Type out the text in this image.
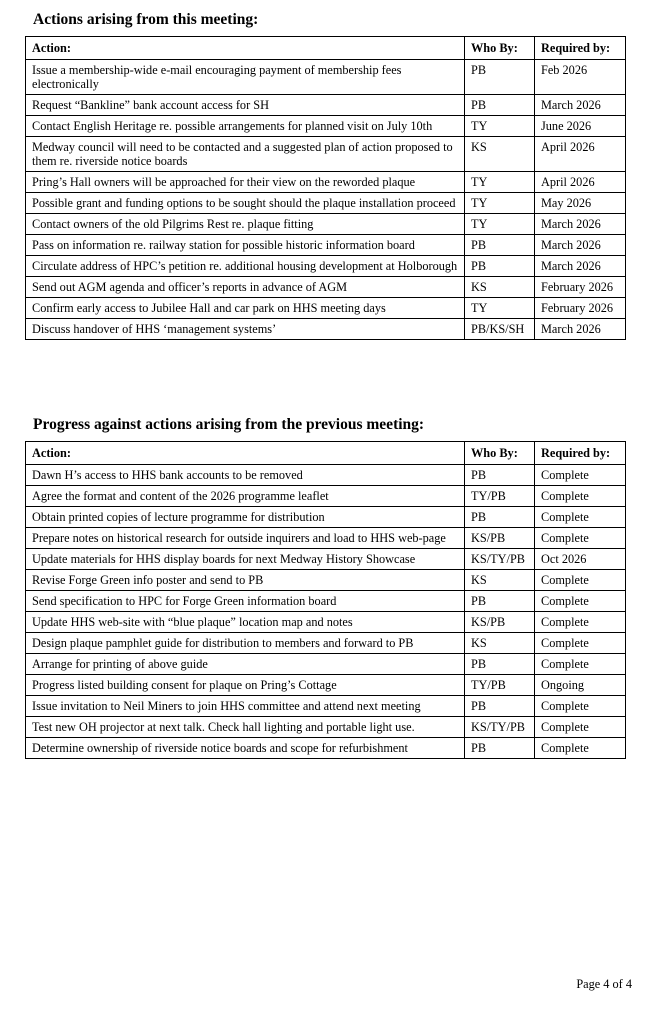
Actions arising from this meeting:
Action:	Who By:	Required by:
Issue a membership-wide e-mail encouraging payment of membership fees electronically	PB	Feb 2026
Request “Bankline” bank account access for SH	PB	March 2026
Contact English Heritage re. possible arrangements for planned visit on July 10th	TY	June 2026
Medway council will need to be contacted and a suggested plan of action proposed to them re. riverside notice boards	KS	April 2026
Pring’s Hall owners will be approached for their view on the reworded plaque	TY	April 2026
Possible grant and funding options to be sought should the plaque installation proceed	TY	May 2026
Contact owners of the old Pilgrims Rest re. plaque fitting	TY	March 2026
Pass on information re. railway station for possible historic information board	PB	March 2026
Circulate address of HPC’s petition re. additional housing development at Holborough	PB	March 2026
Send out AGM agenda and officer’s reports in advance of AGM	KS	February 2026
Confirm early access to Jubilee Hall and car park on HHS meeting days	TY	February 2026
Discuss handover of HHS ‘management systems’	PB/KS/SH	March 2026
Progress against actions arising from the previous meeting:
Action:	Who By:	Required by:
Dawn H’s access to HHS bank accounts to be removed	PB	Complete
Agree the format and content of the 2026 programme leaflet	TY/PB	Complete
Obtain printed copies of lecture programme for distribution	PB	Complete
Prepare notes on historical research for outside inquirers and load to HHS web-page	KS/PB	Complete
Update materials for HHS display boards for next Medway History Showcase	KS/TY/PB	Oct 2026
Revise Forge Green info poster and send to PB	KS	Complete
Send specification to HPC for Forge Green information board	PB	Complete
Update HHS web-site with “blue plaque” location map and notes	KS/PB	Complete
Design plaque pamphlet guide for distribution to members and forward to PB	KS	Complete
Arrange for printing of above guide	PB	Complete
Progress listed building consent for plaque on Pring’s Cottage	TY/PB	Ongoing
Issue invitation to Neil Miners to join HHS committee and attend next meeting	PB	Complete
Test new OH projector at next talk. Check hall lighting and portable light use.	KS/TY/PB	Complete
Determine ownership of riverside notice boards and scope for refurbishment	PB	Complete
Page 4 of 4
